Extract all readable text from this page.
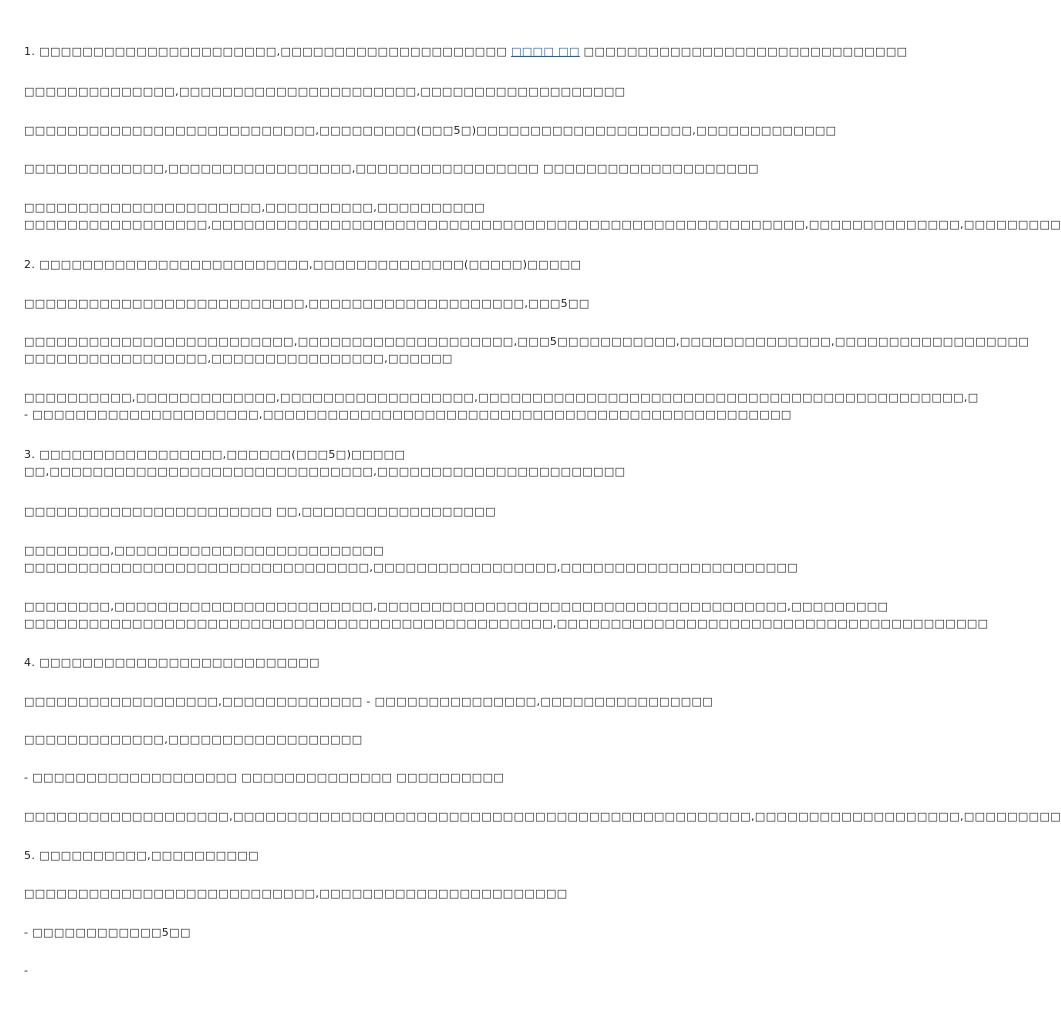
1. □□□□□□□□□□□□□□□□□□□□□□,□□□□□□□□□□□□□□□□□□□□□ □□□□ □□ □□□□□□□□□□□□□□□□□□□□□□□□□□□□□□
□□□□□□□□□□□□□□,□□□□□□□□□□□□□□□□□□□□□□,□□□□□□□□□□□□□□□□□□□
□□□□□□□□□□□□□□□□□□□□□□□□□□□,□□□□□□□□□(□□□5□)□□□□□□□□□□□□□□□□□□□□,□□□□□□□□□□□□□
□□□□□□□□□□□□□,□□□□□□□□□□□□□□□□□,□□□□□□□□□□□□□□□□□ □□□□□□□□□□□□□□□□□□□□
□□□□□□□□□□□□□□□□□□□□□□,□□□□□□□□□□,□□□□□□□□□□
□□□□□□□□□□□□□□□□□,□□□□□□□□□□□□□□□□□□□□□□□□□□□□□□□□□□□□□□□□□□□□□□□□□□□□□□□,□□□□□□□□□□□□□□,□□□□□□□□□
2. □□□□□□□□□□□□□□□□□□□□□□□□□,□□□□□□□□□□□□□□(□□□□□)□□□□□
□□□□□□□□□□□□□□□□□□□□□□□□□□,□□□□□□□□□□□□□□□□□□□□,□□□5□□
□□□□□□□□□□□□□□□□□□□□□□□□□,□□□□□□□□□□□□□□□□□□□□,□□□5□□□□□□□□□□□,□□□□□□□□□□□□□□,□□□□□□□□□□□□□□□□□□
□□□□□□□□□□□□□□□□□,□□□□□□□□□□□□□□□□,□□□□□□
□□□□□□□□□□,□□□□□□□□□□□□□,□□□□□□□□□□□□□□□□□□,□□□□□□□□□□□□□□□□□□□□□□□□□□□□□□□□□□□□□□□□□□□□□,□
- □□□□□□□□□□□□□□□□□□□□□,□□□□□□□□□□□□□□□□□□□□□□□□□□□□□□□□□□□□□□□□□□□□□□□□□
3. □□□□□□□□□□□□□□□□□,□□□□□□(□□□5□)□□□□□
□□,□□□□□□□□□□□□□□□□□□□□□□□□□□□□□□,□□□□□□□□□□□□□□□□□□□□□□□
□□□□□□□□□□□□□□□□□□□□□□□ □□,□□□□□□□□□□□□□□□□□□
□□□□□□□□,□□□□□□□□□□□□□□□□□□□□□□□□□
□□□□□□□□□□□□□□□□□□□□□□□□□□□□□□□□,□□□□□□□□□□□□□□□□□,□□□□□□□□□□□□□□□□□□□□□□
□□□□□□□□,□□□□□□□□□□□□□□□□□□□□□□□□,□□□□□□□□□□□□□□□□□□□□□□□□□□□□□□□□□□□□□□,□□□□□□□□□
□□□□□□□□□□□□□□□□□□□□□□□□□□□□□□□□□□□□□□□□□□□□□□□□□,□□□□□□□□□□□□□□□□□□□□□□□□□□□□□□□□□□□□□□□□
4. □□□□□□□□□□□□□□□□□□□□□□□□□□
□□□□□□□□□□□□□□□□□□,□□□□□□□□□□□□□ - □□□□□□□□□□□□□□□,□□□□□□□□□□□□□□□□
□□□□□□□□□□□□□,□□□□□□□□□□□□□□□□□□
- □□□□□□□□□□□□□□□□□□□ □□□□□□□□□□□□□□ □□□□□□□□□□
□□□□□□□□□□□□□□□□□□□,□□□□□□□□□□□□□□□□□□□□□□□□□□□□□□□□□□□□□□□□□□□□□□□□,□□□□□□□□□□□□□□□□□□□,□□□□□□□□□
5. □□□□□□□□□□,□□□□□□□□□□
□□□□□□□□□□□□□□□□□□□□□□□□□□□,□□□□□□□□□□□□□□□□□□□□□□□
- □□□□□□□□□□□□5□□
-
